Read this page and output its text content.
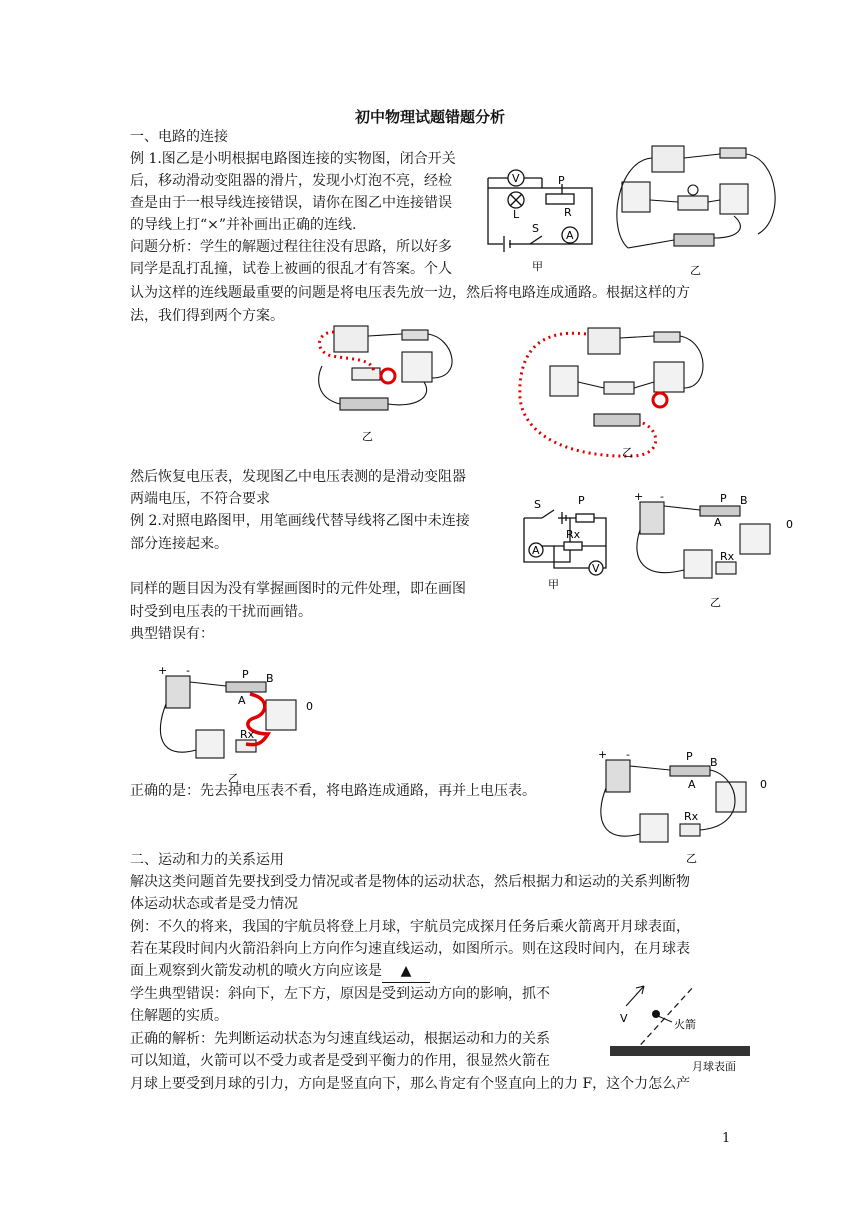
初中物理试题错题分析
一、电路的连接
例 1.图乙是小明根据电路图连接的实物图，闭合开关
后，移动滑动变阻器的滑片，发现小灯泡不亮，经检
查是由于一根导线连接错误，请你在图乙中连接错误
的导线上打“×”并补画出正确的连线.
问题分析：学生的解题过程往往没有思路，所以好多
同学是乱打乱撞，试卷上被画的很乱才有答案。个人
认为这样的连线题最重要的问题是将电压表先放一边，然后将电路连成通路。根据这样的方
法，我们得到两个方案。
然后恢复电压表，发现图乙中电压表测的是滑动变阻器
两端电压，不符合要求
例 2.对照电路图甲，用笔画线代替导线将乙图中未连接
部分连接起来。
同样的题目因为没有掌握画图时的元件处理，即在画图
时受到电压表的干扰而画错。
典型错误有：
正确的是：先去掉电压表不看，将电路连成通路，再并上电压表。
二、运动和力的关系运用
解决这类问题首先要找到受力情况或者是物体的运动状态，然后根据力和运动的关系判断物
体运动状态或者是受力情况
例：不久的将来，我国的宇航员将登上月球，宇航员完成探月任务后乘火箭离开月球表面，
若在某段时间内火箭沿斜向上方向作匀速直线运动，如图所示。则在这段时间内，在月球表
面上观察到火箭发动机的喷火方向应该是 ▲
学生典型错误：斜向下，左下方，原因是受到运动方向的影响，抓不
住解题的实质。
正确的解析：先判断运动状态为匀速直线运动，根据运动和力的关系
可以知道，火箭可以不受力或者是受到平衡力的作用，很显然火箭在
月球上要受到月球的引力，方向是竖直向下，那么肯定有个竖直向上的力 F，这个力怎么产
V
L
P
R
S
A
甲	乙
乙
乙
S	P
A
Rx
V
甲
+ -	P B
A	0
Rx
乙
+ -	P B
A	0
Rx
乙
+ -	P B
A	0
Rx
乙
V	火箭
月球表面
1
